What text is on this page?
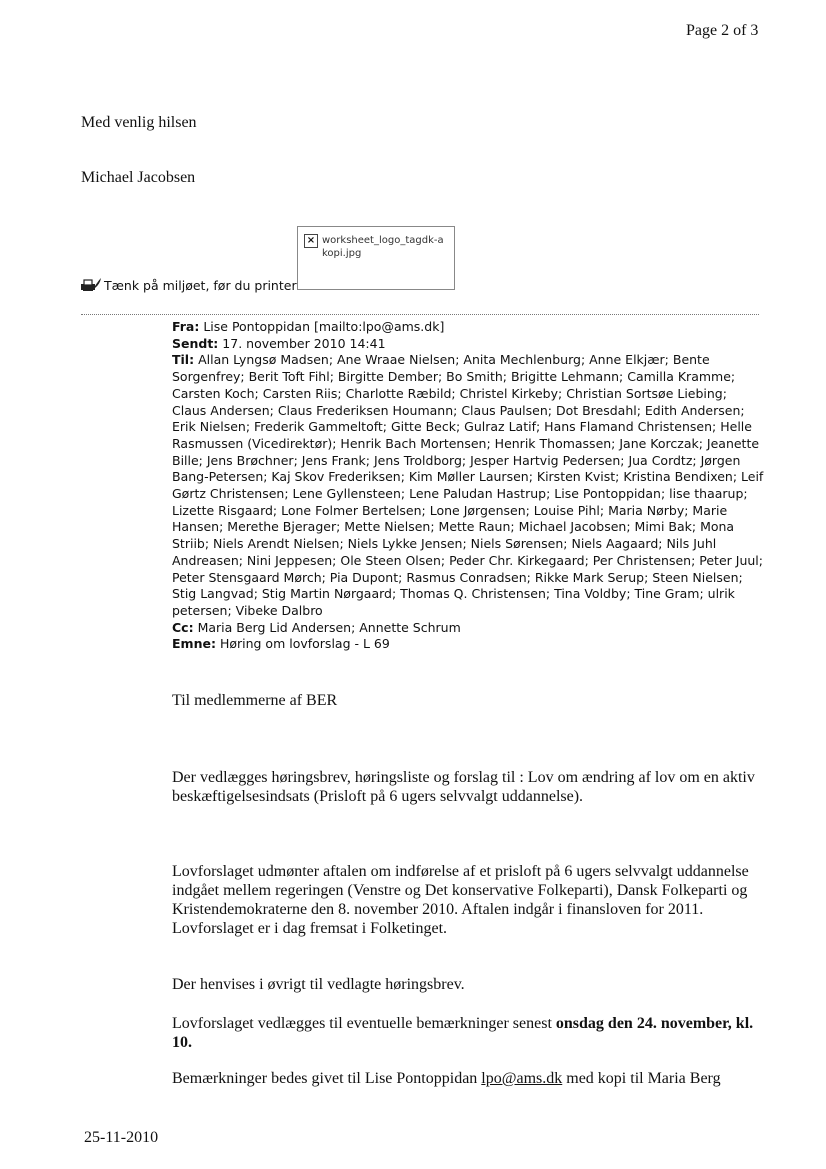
Page 2 of 3
Med venlig hilsen
Michael Jacobsen
× worksheet_logo_tagdk-a kopi.jpg
Tænk på miljøet, før du printer
Fra: Lise Pontoppidan [mailto:lpo@ams.dk]
Sendt: 17. november 2010 14:41
Til: Allan Lyngsø Madsen; Ane Wraae Nielsen; Anita Mechlenburg; Anne Elkjær; Bente Sorgenfrey; Berit Toft Fihl; Birgitte Dember; Bo Smith; Brigitte Lehmann; Camilla Kramme; Carsten Koch; Carsten Riis; Charlotte Ræbild; Christel Kirkeby; Christian Sortsøe Liebing; Claus Andersen; Claus Frederiksen Houmann; Claus Paulsen; Dot Bresdahl; Edith Andersen; Erik Nielsen; Frederik Gammeltoft; Gitte Beck; Gulraz Latif; Hans Flamand Christensen; Helle Rasmussen (Vicedirektør); Henrik Bach Mortensen; Henrik Thomassen; Jane Korczak; Jeanette Bille; Jens Brøchner; Jens Frank; Jens Troldborg; Jesper Hartvig Pedersen; Jua Cordtz; Jørgen Bang-Petersen; Kaj Skov Frederiksen; Kim Møller Laursen; Kirsten Kvist; Kristina Bendixen; Leif Gørtz Christensen; Lene Gyllensteen; Lene Paludan Hastrup; Lise Pontoppidan; lise thaarup; Lizette Risgaard; Lone Folmer Bertelsen; Lone Jørgensen; Louise Pihl; Maria Nørby; Marie Hansen; Merethe Bjerager; Mette Nielsen; Mette Raun; Michael Jacobsen; Mimi Bak; Mona Striib; Niels Arendt Nielsen; Niels Lykke Jensen; Niels Sørensen; Niels Aagaard; Nils Juhl Andreasen; Nini Jeppesen; Ole Steen Olsen; Peder Chr. Kirkegaard; Per Christensen; Peter Juul; Peter Stensgaard Mørch; Pia Dupont; Rasmus Conradsen; Rikke Mark Serup; Steen Nielsen; Stig Langvad; Stig Martin Nørgaard; Thomas Q. Christensen; Tina Voldby; Tine Gram; ulrik petersen; Vibeke Dalbro
Cc: Maria Berg Lid Andersen; Annette Schrum
Emne: Høring om lovforslag - L 69
Til medlemmerne af BER
Der vedlægges høringsbrev, høringsliste og forslag til : Lov om ændring af lov om en aktiv beskæftigelsesindsats (Prisloft på 6 ugers selvvalgt uddannelse).
Lovforslaget udmønter aftalen om indførelse af et prisloft på 6 ugers selvvalgt uddannelse indgået mellem regeringen (Venstre og Det konservative Folkeparti), Dansk Folkeparti og Kristendemokraterne den 8. november 2010. Aftalen indgår i finansloven for 2011. Lovforslaget er i dag fremsat i Folketinget.
Der henvises i øvrigt til vedlagte høringsbrev.
Lovforslaget vedlægges til eventuelle bemærkninger senest onsdag den 24. november, kl. 10.
Bemærkninger bedes givet til Lise Pontoppidan lpo@ams.dk med kopi til Maria Berg
25-11-2010
